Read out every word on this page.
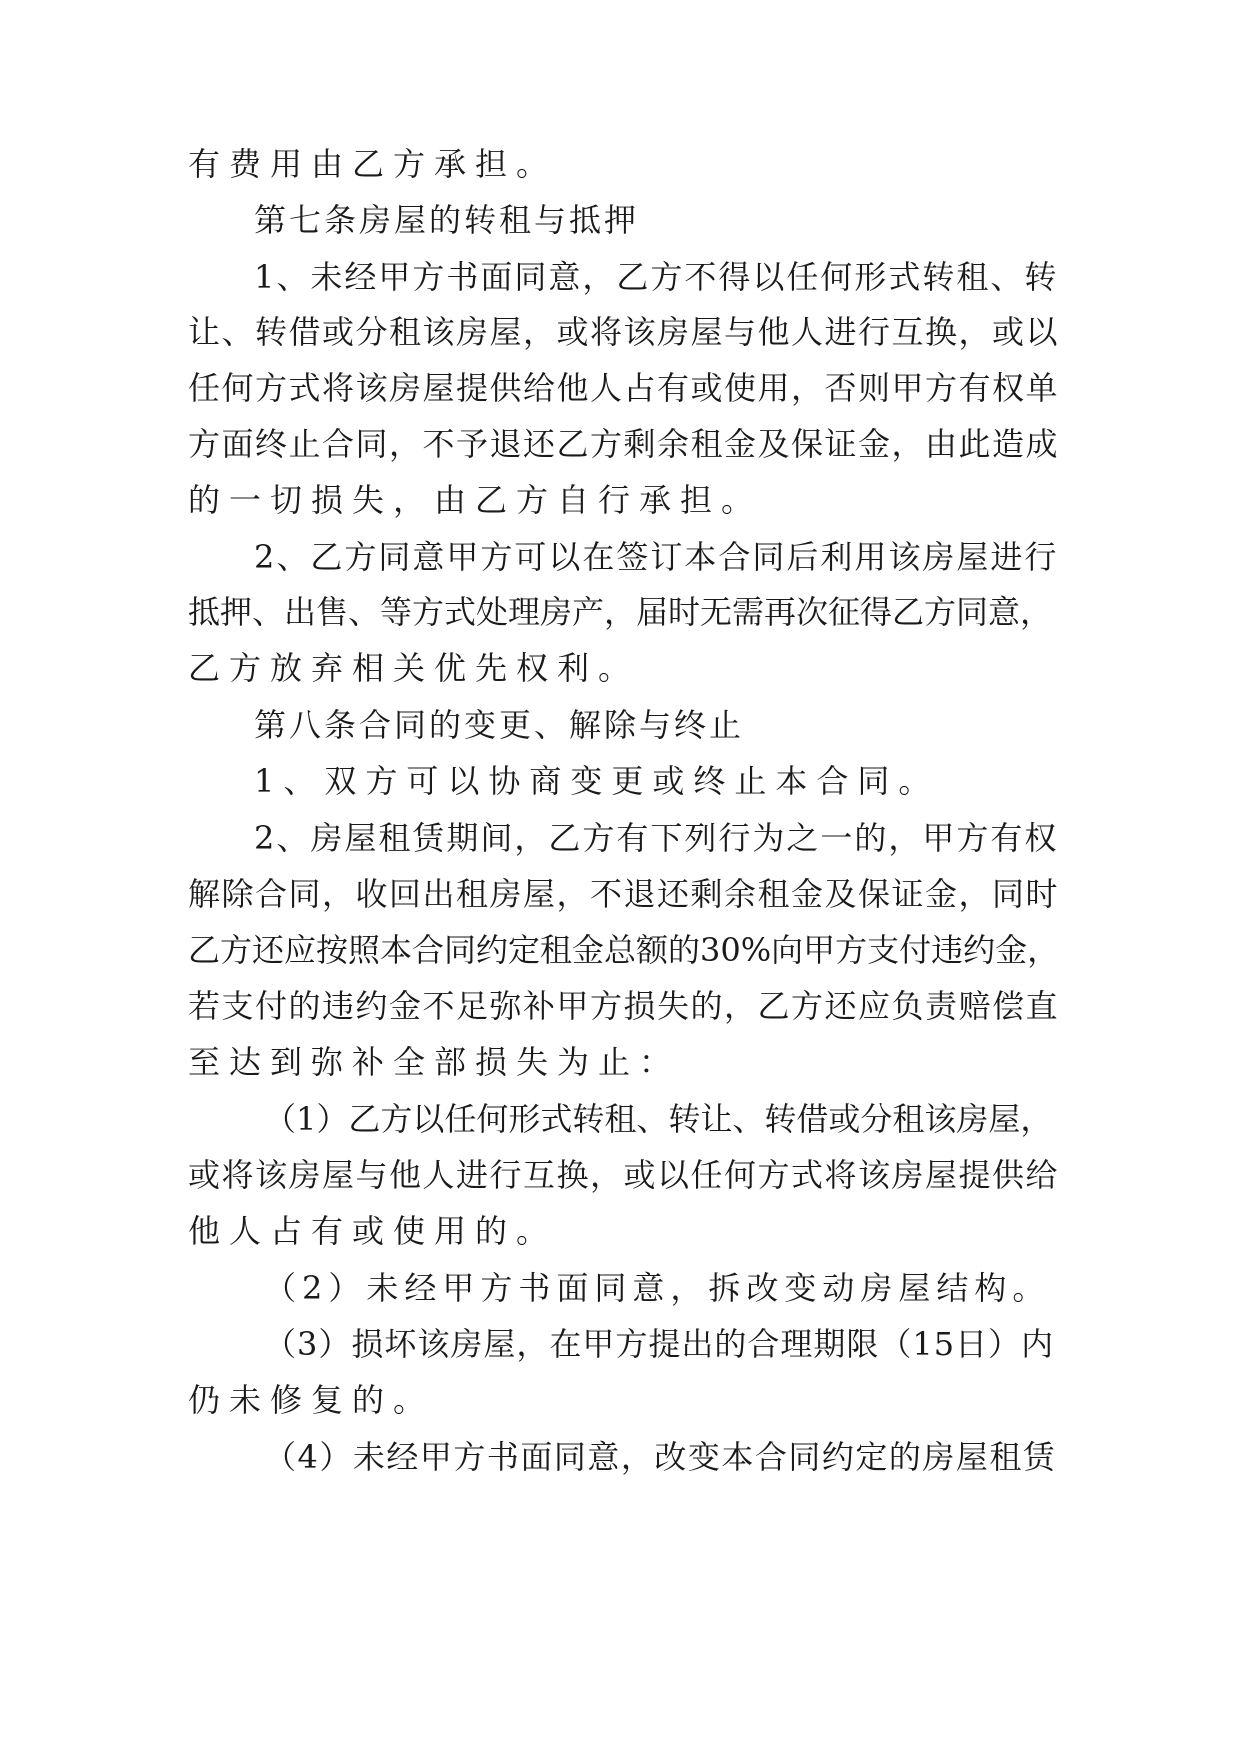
有费用由乙方承担。

第七条房屋的转租与抵押

1、未经甲方书面同意，乙方不得以任何形式转租、转

让、转借或分租该房屋，或将该房屋与他人进行互换，或以

任何方式将该房屋提供给他人占有或使用，否则甲方有权单

方面终止合同，不予退还乙方剩余租金及保证金，由此造成

的一切损失，由乙方自行承担。

2、乙方同意甲方可以在签订本合同后利用该房屋进行

抵押、出售、等方式处理房产，届时无需再次征得乙方同意，

乙方放弃相关优先权利。

第八条合同的变更、解除与终止

1、双方可以协商变更或终止本合同。

2、房屋租赁期间，乙方有下列行为之一的，甲方有权

解除合同，收回出租房屋，不退还剩余租金及保证金，同时

乙方还应按照本合同约定租金总额的30%向甲方支付违约金，

若支付的违约金不足弥补甲方损失的，乙方还应负责赔偿直

至达到弥补全部损失为止：

（1）乙方以任何形式转租、转让、转借或分租该房屋，

或将该房屋与他人进行互换，或以任何方式将该房屋提供给

他人占有或使用的。

（2）未经甲方书面同意，拆改变动房屋结构。

（3）损坏该房屋，在甲方提出的合理期限（15日）内

仍未修复的。

（4）未经甲方书面同意，改变本合同约定的房屋租赁
